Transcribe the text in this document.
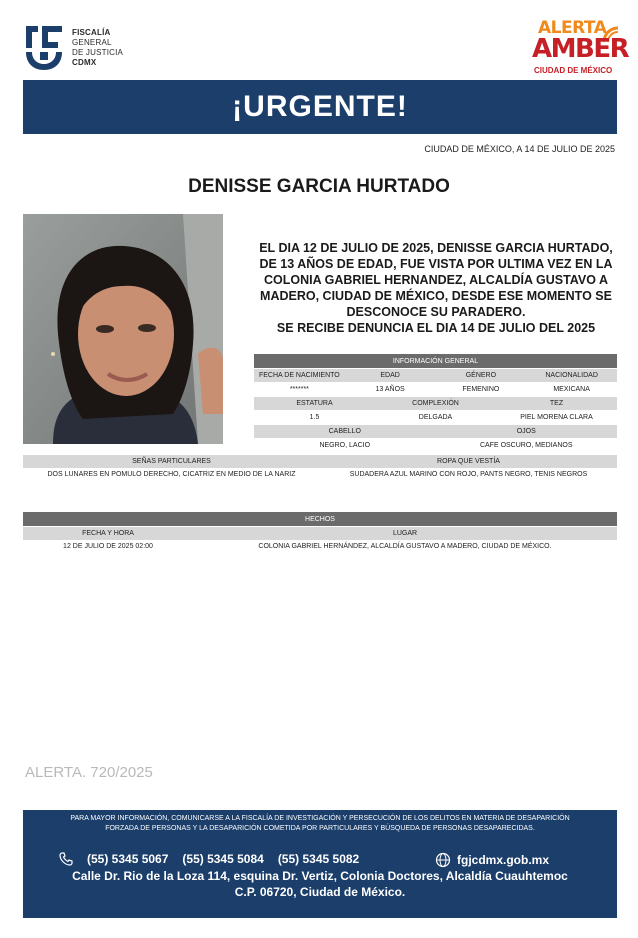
FISCALÍA
GENERAL
DE JUSTICIA
CDMX
ALERTA
AMBER
CIUDAD DE MÉXICO
¡URGENTE!
CIUDAD DE MÉXICO, A 14 DE JULIO DE 2025
DENISSE GARCIA HURTADO
EL DIA 12 DE JULIO DE 2025, DENISSE GARCIA HURTADO,
DE 13 AÑOS DE EDAD, FUE VISTA POR ULTIMA VEZ EN LA
COLONIA GABRIEL HERNANDEZ, ALCALDÍA GUSTAVO A
MADERO, CIUDAD DE MÉXICO, DESDE ESE MOMENTO SE
DESCONOCE SU PARADERO.
SE RECIBE DENUNCIA EL DIA 14 DE JULIO DEL 2025
INFORMACIÓN GENERAL
FECHA DE NACIMIENTO	EDAD	GÉNERO	NACIONALIDAD
*******	13 AÑOS	FEMENINO	MEXICANA
ESTATURA	COMPLEXIÓN	TEZ
1.5	DELGADA	PIEL MORENA CLARA
CABELLO	OJOS
NEGRO, LACIO	CAFE OSCURO, MEDIANOS
SEÑAS PARTICULARES	ROPA QUE VESTÍA
DOS LUNARES EN POMULO DERECHO, CICATRIZ EN MEDIO DE LA NARIZ	SUDADERA AZUL MARINO CON ROJO, PANTS NEGRO, TENIS NEGROS
HECHOS
FECHA Y HORA	LUGAR
12 DE JULIO DE 2025 02:00	COLONIA GABRIEL HERNÁNDEZ, ALCALDÍA GUSTAVO A MADERO, CIUDAD DE MÉXICO.
ALERTA. 720/2025
PARA MAYOR INFORMACIÓN, COMUNICARSE A LA FISCALÍA DE INVESTIGACIÓN Y PERSECUCIÓN DE LOS DELITOS EN MATERIA DE DESAPARICIÓN
FORZADA DE PERSONAS Y LA DESAPARICIÓN COMETIDA POR PARTICULARES Y BÚSQUEDA DE PERSONAS DESAPARECIDAS.
(55) 5345 5067 (55) 5345 5084 (55) 5345 5082	fgjcdmx.gob.mx
Calle Dr. Rio de la Loza 114, esquina Dr. Vertiz, Colonia Doctores, Alcaldía Cuauhtemoc
C.P. 06720, Ciudad de México.
